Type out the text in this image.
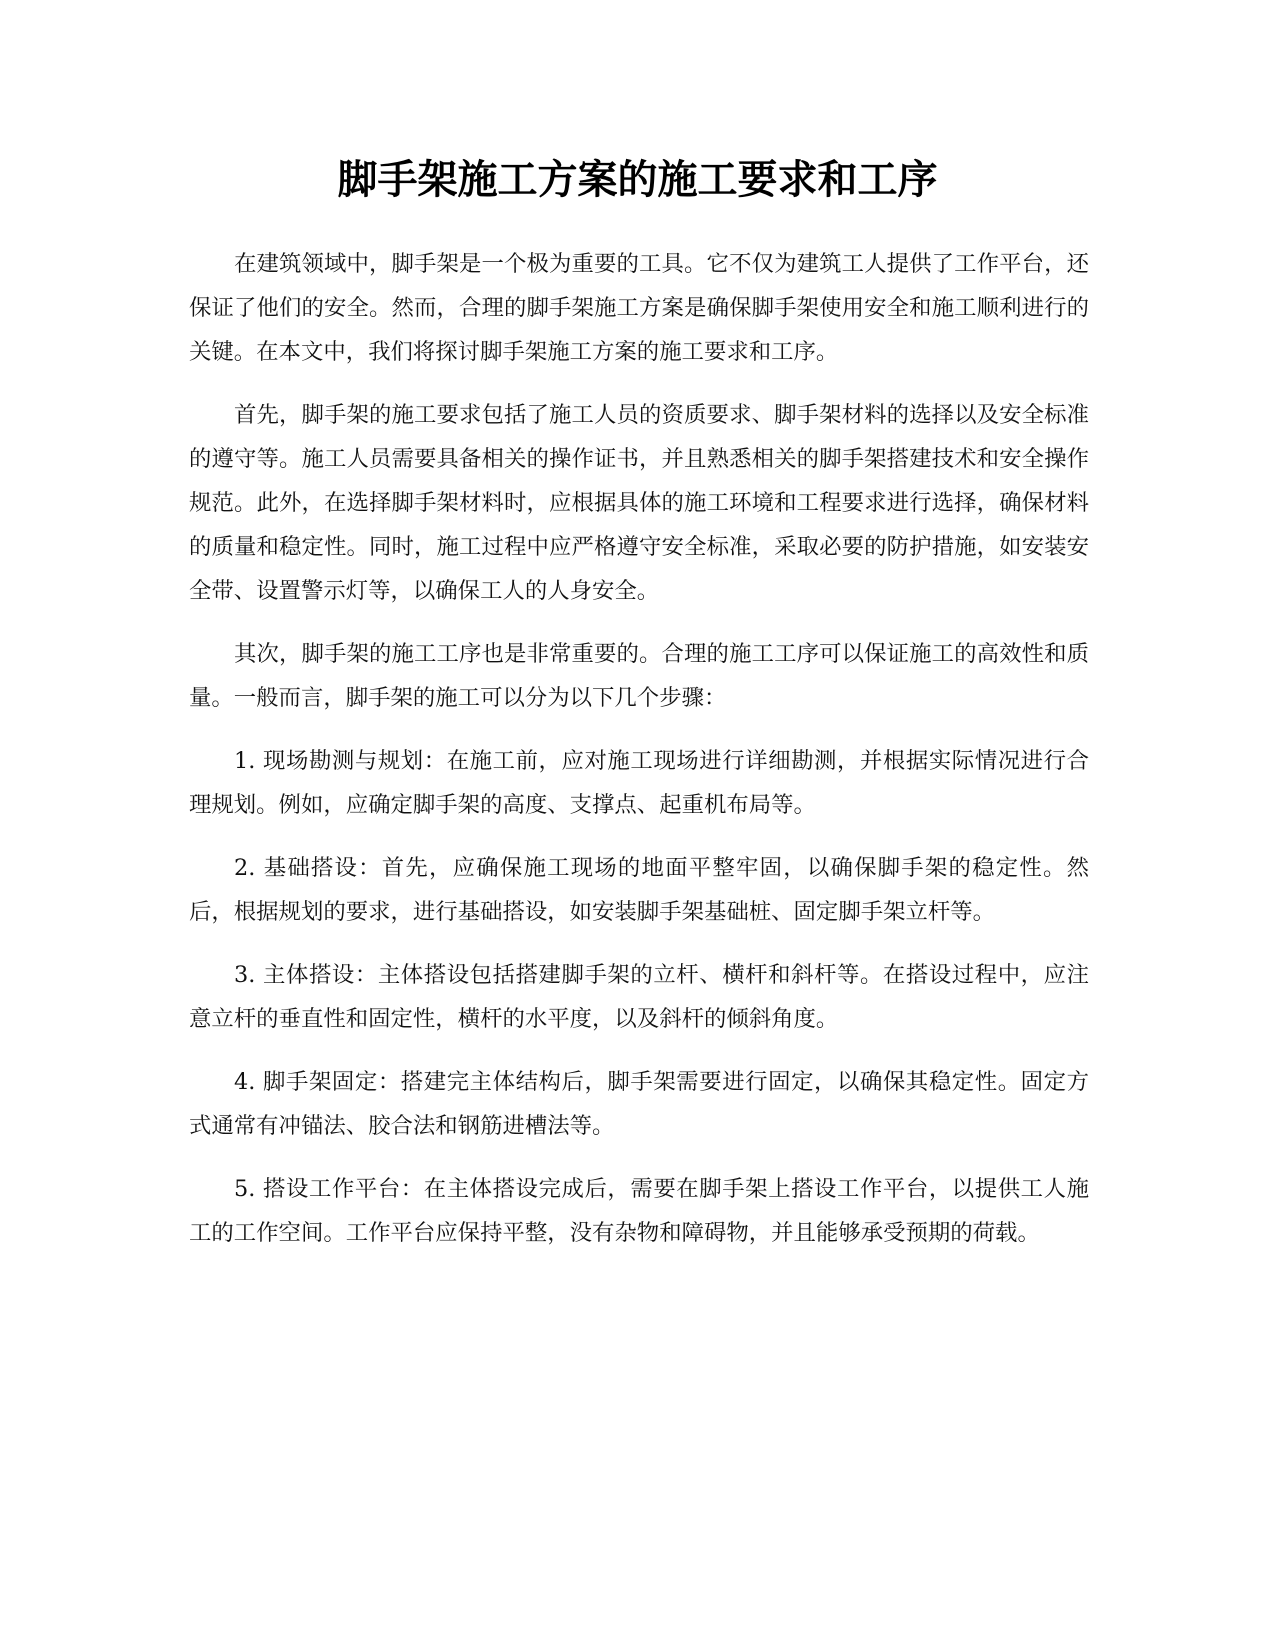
脚手架施工方案的施工要求和工序

在建筑领域中，脚手架是一个极为重要的工具。它不仅为建筑工人提供了工作平台，还保证了他们的安全。然而，合理的脚手架施工方案是确保脚手架使用安全和施工顺利进行的关键。在本文中，我们将探讨脚手架施工方案的施工要求和工序。

首先，脚手架的施工要求包括了施工人员的资质要求、脚手架材料的选择以及安全标准的遵守等。施工人员需要具备相关的操作证书，并且熟悉相关的脚手架搭建技术和安全操作规范。此外，在选择脚手架材料时，应根据具体的施工环境和工程要求进行选择，确保材料的质量和稳定性。同时，施工过程中应严格遵守安全标准，采取必要的防护措施，如安装安全带、设置警示灯等，以确保工人的人身安全。

其次，脚手架的施工工序也是非常重要的。合理的施工工序可以保证施工的高效性和质量。一般而言，脚手架的施工可以分为以下几个步骤：

1. 现场勘测与规划：在施工前，应对施工现场进行详细勘测，并根据实际情况进行合理规划。例如，应确定脚手架的高度、支撑点、起重机布局等。

2. 基础搭设：首先，应确保施工现场的地面平整牢固，以确保脚手架的稳定性。然后，根据规划的要求，进行基础搭设，如安装脚手架基础桩、固定脚手架立杆等。

3. 主体搭设：主体搭设包括搭建脚手架的立杆、横杆和斜杆等。在搭设过程中，应注意立杆的垂直性和固定性，横杆的水平度，以及斜杆的倾斜角度。

4. 脚手架固定：搭建完主体结构后，脚手架需要进行固定，以确保其稳定性。固定方式通常有冲锚法、胶合法和钢筋进槽法等。

5. 搭设工作平台：在主体搭设完成后，需要在脚手架上搭设工作平台，以提供工人施工的工作空间。工作平台应保持平整，没有杂物和障碍物，并且能够承受预期的荷载。
